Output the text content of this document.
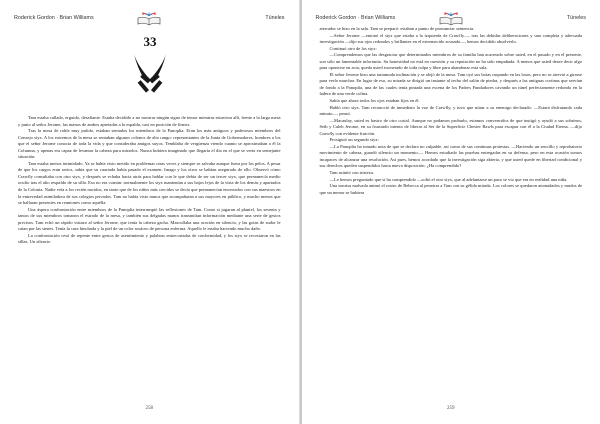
Roderick Gordon · Brian Williams	Túneles
33

Tam estaba callado, erguido, desafiante. Estaba decidido a no mostrar ningún signo de temor mientras estuviera allí, frente a la larga mesa y junto al señor Jerome, las manos de ambos apretadas a la espalda, casi en posición de firmes.

Tras la mesa de roble muy pulido, estaban sentados los miembros de la Panoplia. Eran los más antiguos y poderosos miembros del Consejo styx. A los extremos de la mesa se sentaban algunos colonos de alto rango: representantes de la Junta de Gobernadores, hombres a los que el señor Jerome conocía de toda la vida y que consideraba amigos suyos. Temblaba de vergüenza viendo cuanto se aproximaban a él la Columna, y apenas era capaz de levantar la cabeza para mirarlos. Nunca hubiera imaginado que llegaría el día en el que se vería en semejante situación.

Tam estaba menos intimidado. Ya se había visto metido en problemas otras veces y siempre se salvaba aunque fuera por los pelos. A pesar de que los cargos eran serios, sabía que su cuartada había pasado el examen. Imago y los otros se habían asegurado de ello. Observó cómo Crawfly consultaba con otro styx, y después se echaba hacia atrás para hablar con le que debía de ser un tercer styx, que permanecía medio oculto tras el alto respaldo de su silla. Eso no era común: normalmente los styx mantenían a sus bajos lejos de la vista de los demás y apartados de la Colonia. Nadie veía a los recién nacidos, en tanto que de los niños más crecidos se decía que permanecían encerrados con sus maestros en la entrevedad asimiladora de sus colegios privados. Tam no había visto nunca que acompañaran a sus mayores en público, y mucho menos que se hallaran presentes en reuniones como aquélla.

Una áspera confrontación entre miembros de la Panoplia interrumpió las reflexiones de Tam. Como si jugaran al plantel, los sesenta y tantos de sus miembros tomaron el estrado de la mesa, y también sus delgadas manos transmitían información mediante una serie de gestos precisos. Tam echó un rápido vistazo al señor Jerome, que tenía la cabeza gacha. Mascullaba una oración en silencio, y las gotas de sudor le caían por las sienes. Tenía la cara hinchada y la piel de un color rosáceo de persona enferma. Aquello le estaba haciendo mucho daño.

La confrontación cesó de repente entre gestos de asentimiento y palabras entrecortadas de conformidad, y los styx se recostaron en las sillas. Un silencio

258
Roderick Gordon · Brian Williams	Túneles

aterrador se hizo en la sala. Tam se preparó: estaban a punto de pronunciar sentencia.

—Señor Jerome —entonó el styx que estaba a la izquierda de Crawfly—, tras las debidas deliberaciones y una completa y adecuada investigación —dijo sus ojos redondos y brillantes en el estremecido acusado—, hemos decidido absolverlo.

Continuó otro de los styx:

—Comprendemos que las desgracias que determinados miembros de su familia han acarreado sobre usted, en el pasado y en el presente, son sólo un lamentable infortunio. Su honestidad no está en cuestión y su reputación no ha sido empañada. A menos que usted desee decir algo para oponerse en acta, queda usted exonerado de toda culpa y libre para abandonar esta sala.

El señor Jerome hizo una tartamuda inclinación y se alejó de la mesa. Tam oyó sus botas raspando en las losas, pero no se atrevió a girarse para verlo marchar. En lugar de eso, su mirada se dirigió un instante al techo del salón de piedra, y después a las antiguas cortinas que servían de fondo a la Panoplia, una de las cuales tenía pintada una escena de los Padres Fundadores cavando un túnel perfectamente redondo en la ladera de una verde colina.

Sabía que ahora todos los ojos estaban fijos en él.

Habló otro styx. Tam reconoció de inmediato la voz de Crawfly, y tuvo que mirar a su enemigo declarado: —Estará disfrutando cada minuto—, pensó.

—Macaulay, usted es hastro de otro costal. Aunque no podamos probarlo, estamos convencidos de que instigó y ayudó a sus sobrinos, Seth y Caleb Jerome, en su frustrado intento de liberar al Ser de la Superficie Chester Rawls para escapar con él a la Ciudad Eterna. —dijo Crawfly con evidente fruición.

Prosiguió un segundo styx:

—La Panoplia ha tomado nota de que se declara no culpable, así como de sus continuas protestas. —Haciendo un sencillo y reprobatorio movimiento de cabeza, guardó silencio un momento—. Hemos estudiado las pruebas entregadas en su defensa, pero en esta ocasión somos incapaces de alcanzar una resolución. Así pues, hemos acordado que la investigación siga abierta, y que usted quede en libertad condicional y sus derechos queden suspendidos hasta nueva disposición. ¿Ha comprendido?

Tam asintió con tristeza.

—Le hemos preguntado que si ha comprendido —soltó el otro styx, que al adelantarse un paso se vio que era en realidad una niña.

Una sonrisa malvada animó el rostro de Rebecca al penetrar a Tam con su gélida mirada. Los colores se quedaron anonadados y mudos de que un menor se hubiera

259
